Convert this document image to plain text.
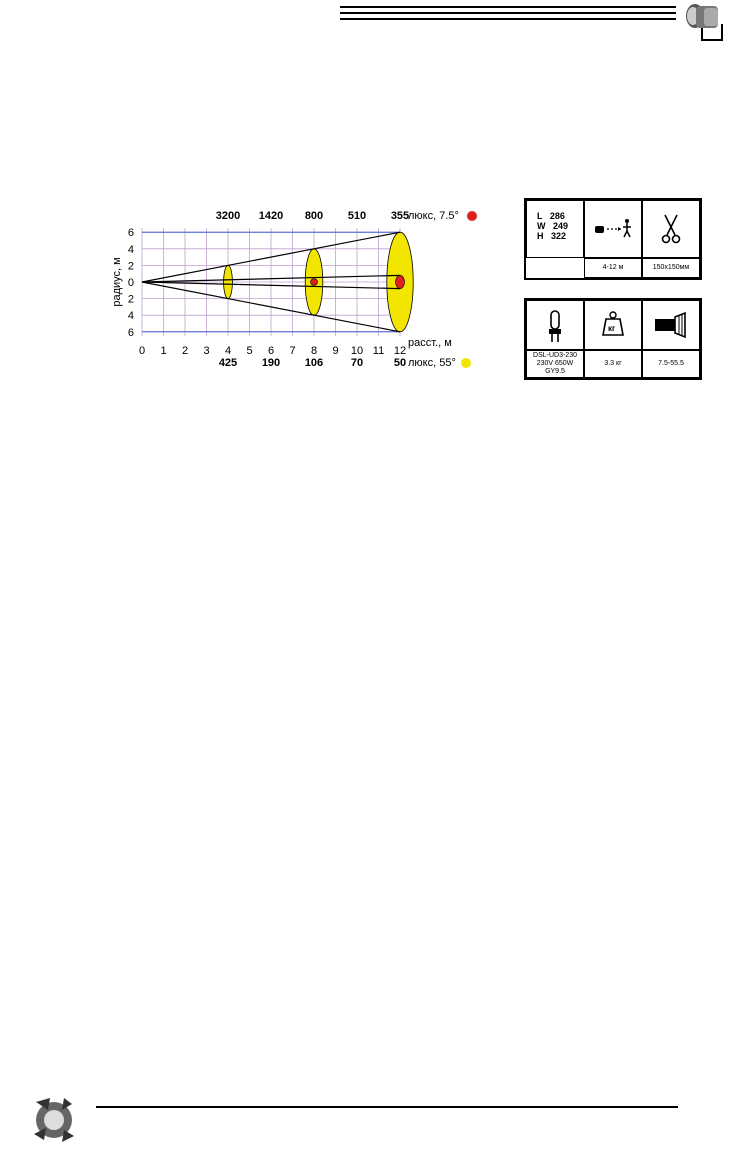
6
4
2
0
2
4
6
радиус, м
0 1 2 3 4 5 6 7 8 9 10 11 12
расст., м
3200 1420 800 510 355
люкс, 7.5°
425 190 106	70	50 люкс, 55°
L   286
W   249
H   322
4-12 м	150x150мм
кг
DSL-UD3-230
230V 650W
GY9.5
3.3 кг	7.5-55.5
